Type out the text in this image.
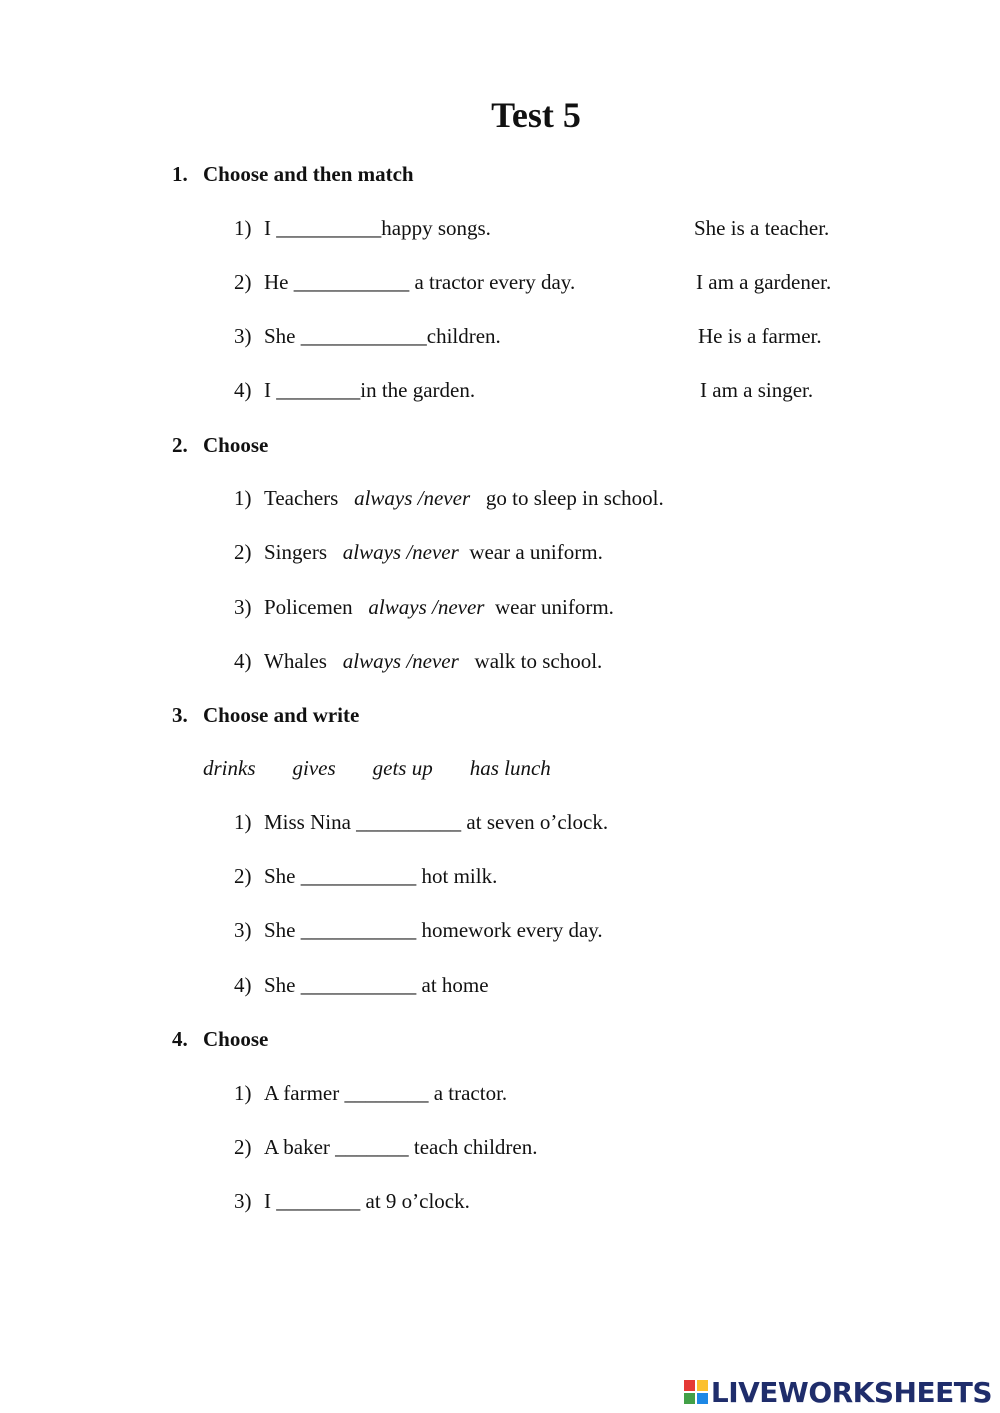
Test 5
1. Choose and then match
1) I __________happy songs.
2) He ___________ a tractor every day.
3) She ____________children.
4) I ________in the garden.
She is a teacher.
I am a gardener.
He is a farmer.
I am a singer.
2. Choose
1) Teachers always /never go to sleep in school.
2) Singers always /never wear a uniform.
3) Policemen always /never wear uniform.
4) Whales always /never walk to school.
3. Choose and write
drinks gives gets up has lunch
1) Miss Nina __________ at seven o’clock.
2) She ___________ hot milk.
3) She ___________ homework every day.
4) She ___________ at home
4. Choose
1) A farmer ________ a tractor.
2) A baker _______ teach children.
3) I ________ at 9 o’clock.
LIVEWORKSHEETS
